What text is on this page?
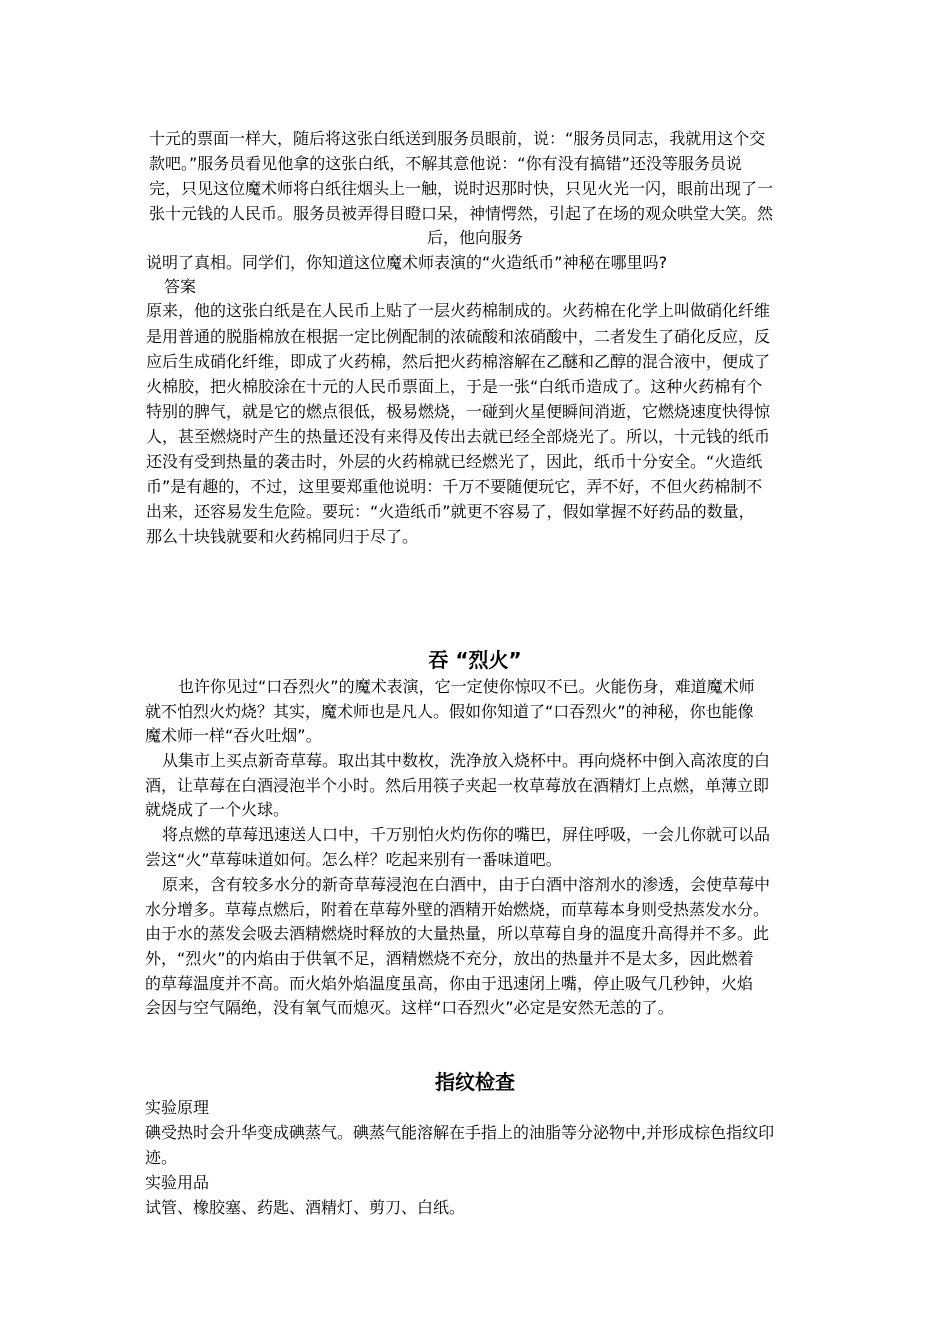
十元的票面一样大，随后将这张白纸送到服务员眼前，说：“服务员同志，我就用这个交
款吧。”服务员看见他拿的这张白纸，不解其意他说：“你有没有搞错”还没等服务员说
完，只见这位魔术师将白纸往烟头上一触，说时迟那时快，只见火光一闪，眼前出现了一
张十元钱的人民币。服务员被弄得目瞪口呆，神情愕然，引起了在场的观众哄堂大笑。然
后，他向服务
说明了真相。同学们，你知道这位魔术师表演的“火造纸币”神秘在哪里吗?
答案
原来，他的这张白纸是在人民币上贴了一层火药棉制成的。火药棉在化学上叫做硝化纤维
是用普通的脱脂棉放在根据一定比例配制的浓硫酸和浓硝酸中，二者发生了硝化反应，反
应后生成硝化纤维，即成了火药棉，然后把火药棉溶解在乙醚和乙醇的混合液中，便成了
火棉胶，把火棉胶涂在十元的人民币票面上，于是一张“白纸币造成了。这种火药棉有个
特别的脾气，就是它的燃点很低，极易燃烧，一碰到火星便瞬间消逝，它燃烧速度快得惊
人，甚至燃烧时产生的热量还没有来得及传出去就已经全部烧光了。所以，十元钱的纸币
还没有受到热量的袭击时，外层的火药棉就已经燃光了，因此，纸币十分安全。“火造纸
币”是有趣的，不过，这里要郑重他说明：千万不要随便玩它，弄不好，不但火药棉制不
出来，还容易发生危险。要玩：“火造纸币”就更不容易了，假如掌握不好药品的数量，
那么十块钱就要和火药棉同归于尽了。
吞 “烈火”
也许你见过“口吞烈火”的魔术表演，它一定使你惊叹不已。火能伤身，难道魔术师
就不怕烈火灼烧？其实，魔术师也是凡人。假如你知道了“口吞烈火”的神秘，你也能像
魔术师一样“吞火吐烟”。
从集市上买点新奇草莓。取出其中数枚，洗净放入烧杯中。再向烧杯中倒入高浓度的白
酒，让草莓在白酒浸泡半个小时。然后用筷子夹起一枚草莓放在酒精灯上点燃，单薄立即
就烧成了一个火球。
将点燃的草莓迅速送人口中，千万别怕火灼伤你的嘴巴，屏住呼吸，一会儿你就可以品
尝这“火”草莓味道如何。怎么样？吃起来别有一番味道吧。
原来，含有较多水分的新奇草莓浸泡在白酒中，由于白酒中溶剂水的渗透，会使草莓中
水分增多。草莓点燃后，附着在草莓外壁的酒精开始燃烧，而草莓本身则受热蒸发水分。
由于水的蒸发会吸去酒精燃烧时释放的大量热量，所以草莓自身的温度升高得并不多。此
外，“烈火”的内焰由于供氧不足，酒精燃烧不充分，放出的热量并不是太多，因此燃着
的草莓温度并不高。而火焰外焰温度虽高，你由于迅速闭上嘴，停止吸气几秒钟，火焰
会因与空气隔绝，没有氧气而熄灭。这样“口吞烈火”必定是安然无恙的了。
指纹检查
实验原理
碘受热时会升华变成碘蒸气。碘蒸气能溶解在手指上的油脂等分泌物中,并形成棕色指纹印
迹。
实验用品
试管、橡胶塞、药匙、酒精灯、剪刀、白纸。
